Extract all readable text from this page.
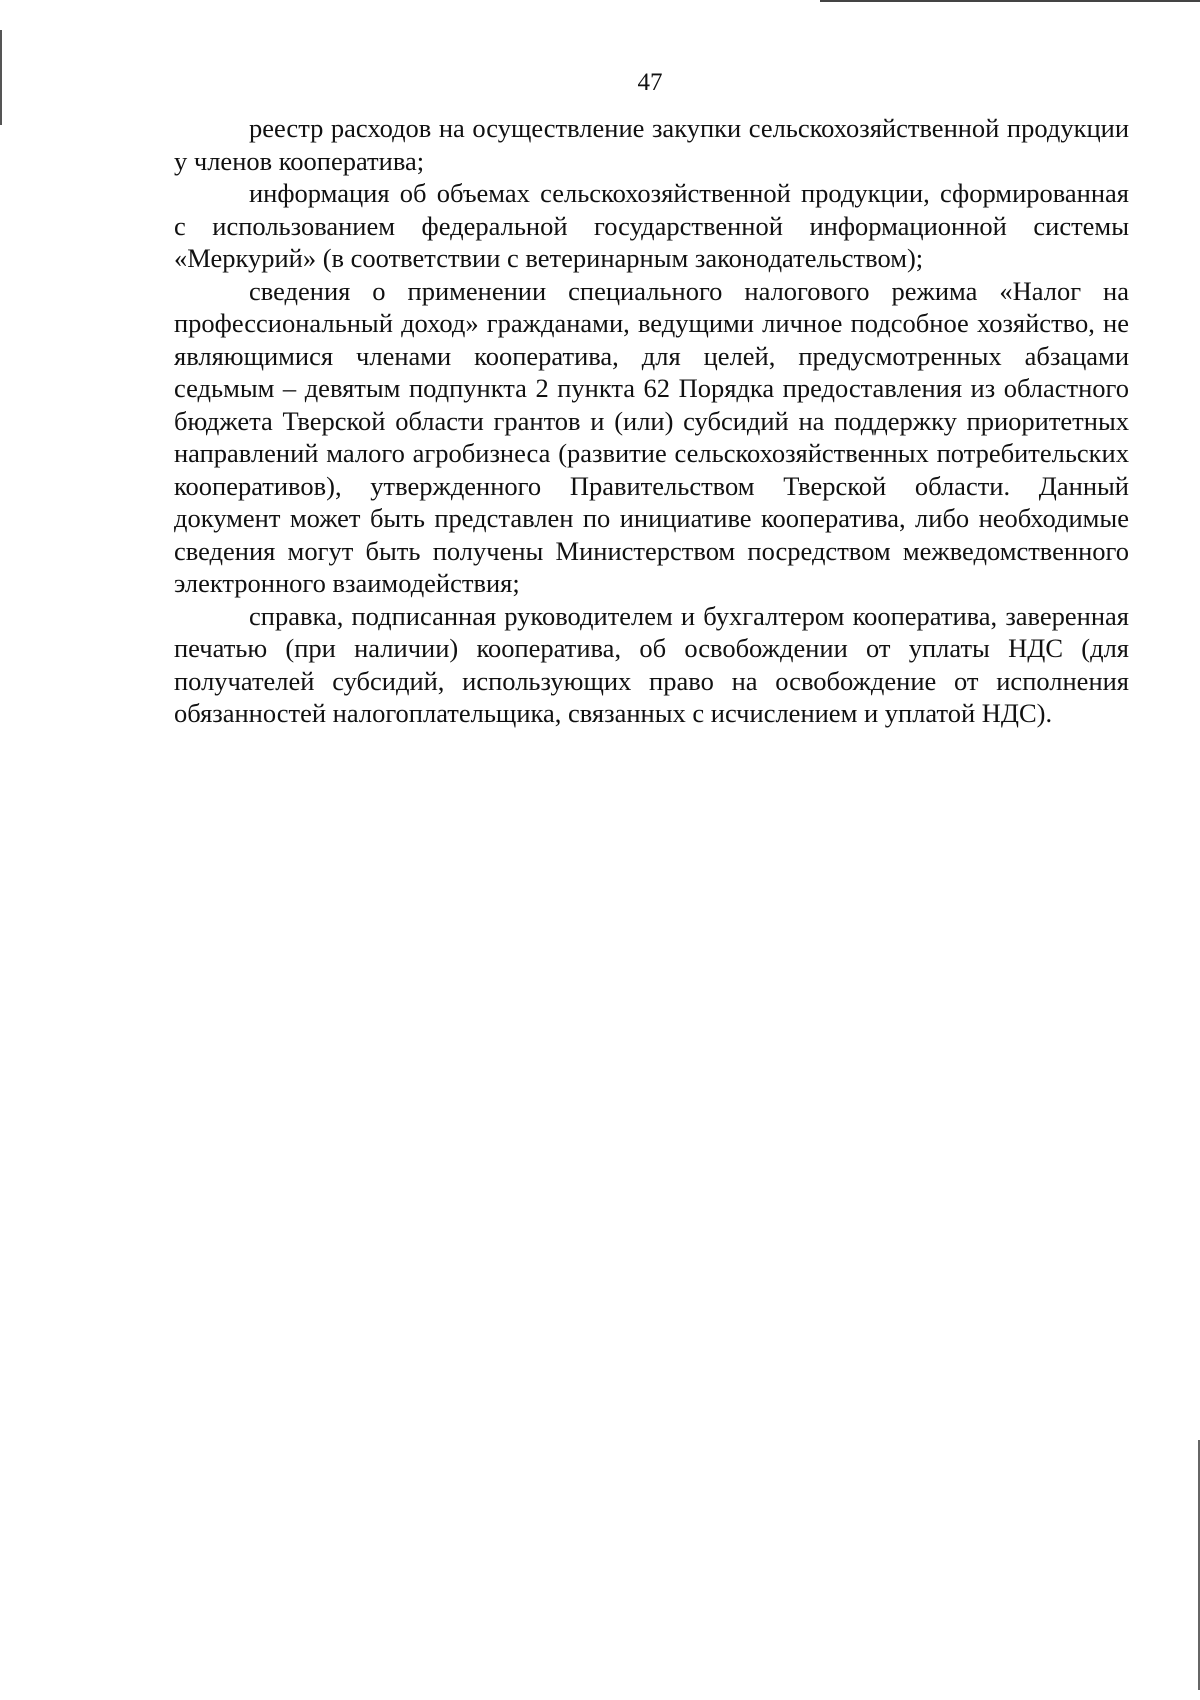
47

реестр расходов на осуществление закупки сельскохозяйственной продукции у членов кооператива;

информация об объемах сельскохозяйственной продукции, сформированная с использованием федеральной государственной информационной системы «Меркурий» (в соответствии с ветеринарным законодательством);

сведения о применении специального налогового режима «Налог на профессиональный доход» гражданами, ведущими личное подсобное хозяйство, не являющимися членами кооператива, для целей, предусмотренных абзацами седьмым – девятым подпункта 2 пункта 62 Порядка предоставления из областного бюджета Тверской области грантов и (или) субсидий на поддержку приоритетных направлений малого агробизнеса (развитие сельскохозяйственных потребительских кооперативов), утвержденного Правительством Тверской области. Данный документ может быть представлен по инициативе кооператива, либо необходимые сведения могут быть получены Министерством посредством межведомственного электронного взаимодействия;

справка, подписанная руководителем и бухгалтером кооператива, заверенная печатью (при наличии) кооператива, об освобождении от уплаты НДС (для получателей субсидий, использующих право на освобождение от исполнения обязанностей налогоплательщика, связанных с исчислением и уплатой НДС).
